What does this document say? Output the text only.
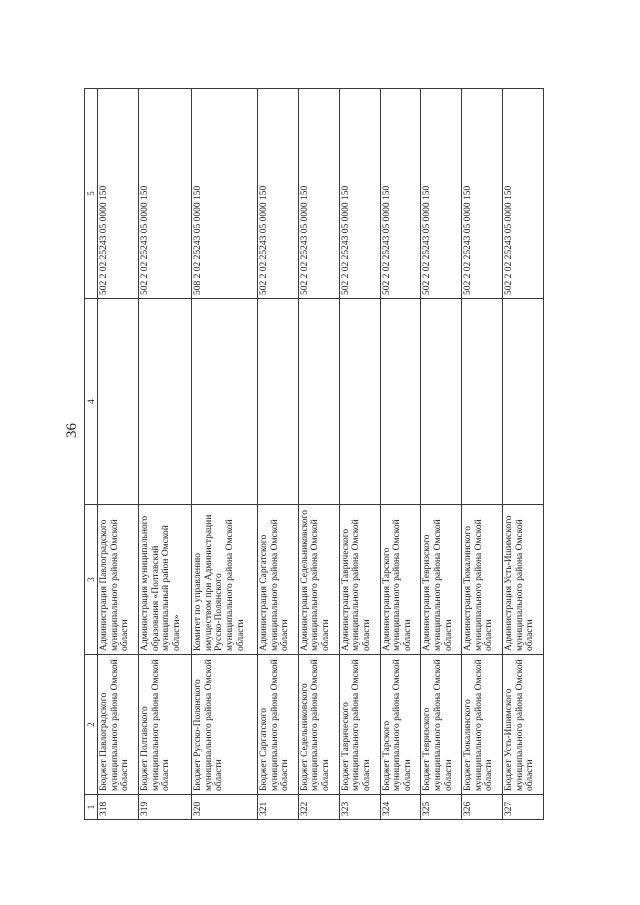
36
1	2	3	4	5
318	Бюджет Павлоградского муниципального района Омской области	Администрация Павлоградского муниципального района Омской области		502 2 02 25243 05 0000 150
319	Бюджет Полтавского муниципального района Омской области	Администрация муниципального образования «Полтавский муниципальный район Омской области»		502 2 02 25243 05 0000 150
320	Бюджет Русско-Полянского муниципального района Омской области	Комитет по управлению имуществом при Администрации Русско-Полянского муниципального района Омской области		508 2 02 25243 05 0000 150
321	Бюджет Саргатского муниципального района Омской области	Администрация Саргатского муниципального района Омской области		502 2 02 25243 05 0000 150
322	Бюджет Седельниковского муниципального района Омской области	Администрация Седельниковского муниципального района Омской области		502 2 02 25243 05 0000 150
323	Бюджет Таврического муниципального района Омской области	Администрация Таврического муниципального района Омской области		502 2 02 25243 05 0000 150
324	Бюджет Тарского муниципального района Омской области	Администрация Тарского муниципального района Омской области		502 2 02 25243 05 0000 150
325	Бюджет Тевризского муниципального района Омской области	Администрация Тевризского муниципального района Омской области		502 2 02 25243 05 0000 150
326	Бюджет Тюкалинского муниципального района Омской области	Администрация Тюкалинского муниципального района Омской области		502 2 02 25243 05 0000 150
327	Бюджет Усть-Ишимского муниципального района Омской области	Администрация Усть-Ишимского муниципального района Омской области		502 2 02 25243 05 0000 150
